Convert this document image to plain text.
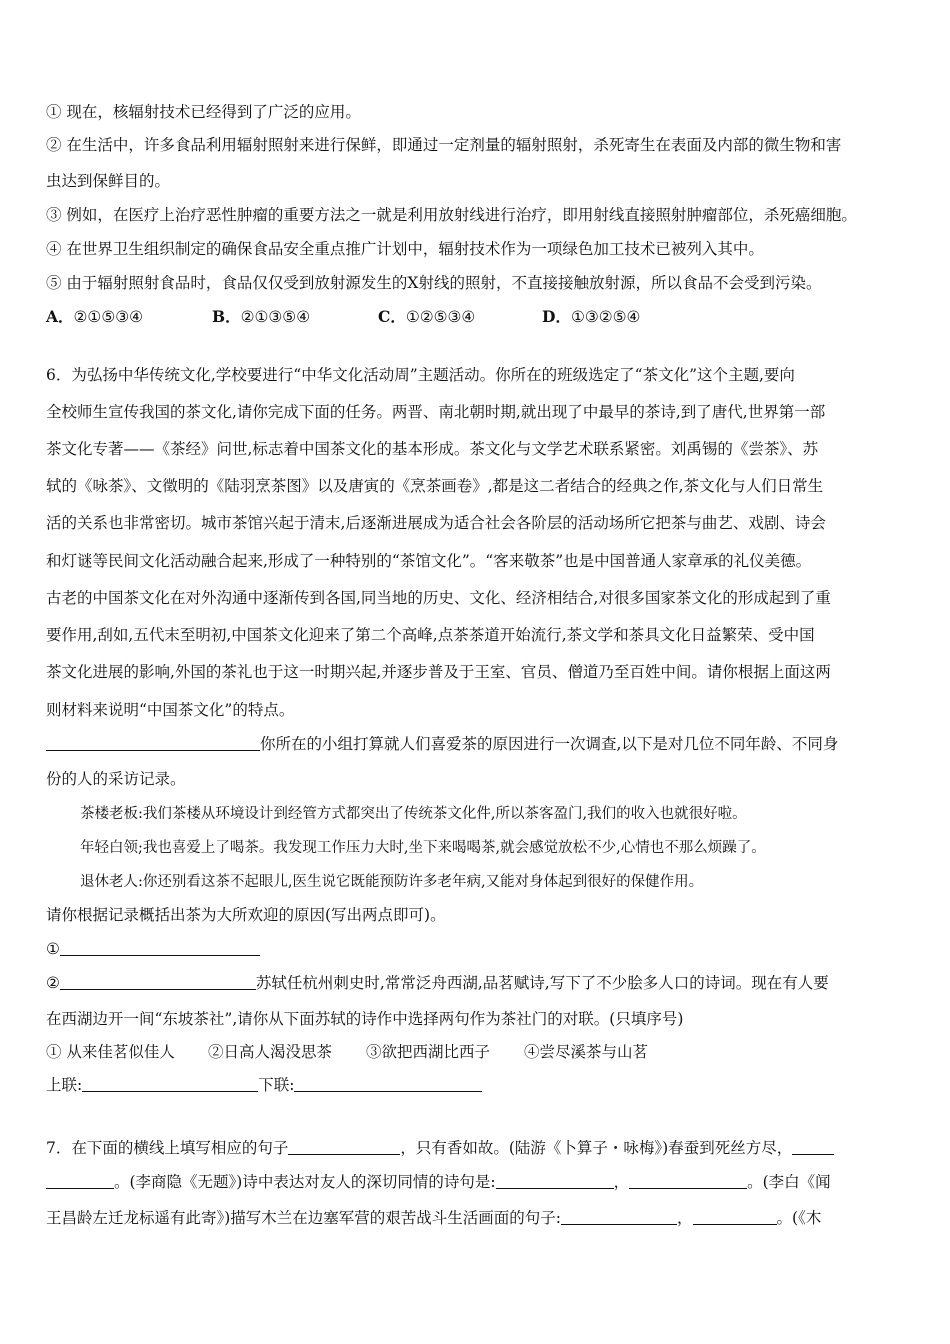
① 现在，核辐射技术已经得到了广泛的应用。
② 在生活中，许多食品利用辐射照射来进行保鲜，即通过一定剂量的辐射照射，杀死寄生在表面及内部的微生物和害
虫达到保鲜目的。
③ 例如，在医疗上治疗恶性肿瘤的重要方法之一就是利用放射线进行治疗，即用射线直接照射肿瘤部位，杀死癌细胞。
④ 在世界卫生组织制定的确保食品安全重点推广计划中，辐射技术作为一项绿色加工技术已被列入其中。
⑤ 由于辐射照射食品时，食品仅仅受到放射源发生的X射线的照射，不直接接触放射源，所以食品不会受到污染。
A．②①⑤③④	B．②①③⑤④	C．①②⑤③④	D．①③②⑤④
6．为弘扬中华传统文化,学校要进行“中华文化活动周”主题活动。你所在的班级选定了“茶文化”这个主题,要向
全校师生宣传我国的茶文化,请你完成下面的任务。两晋、南北朝时期,就出现了中最早的茶诗,到了唐代,世界第一部
茶文化专著——《茶经》问世,标志着中国茶文化的基本形成。茶文化与文学艺术联系紧密。刘禹锡的《尝茶》、苏
轼的《咏茶》、文徵明的《陆羽烹茶图》以及唐寅的《烹茶画卷》,都是这二者结合的经典之作,茶文化与人们日常生
活的关系也非常密切。城市茶馆兴起于清末,后逐渐进展成为适合社会各阶层的活动场所它把茶与曲艺、戏剧、诗会
和灯谜等民间文化活动融合起来,形成了一种特别的“茶馆文化”。“客来敬茶”也是中国普通人家章承的礼仪美德。
古老的中国茶文化在对外沟通中逐渐传到各国,同当地的历史、文化、经济相结合,对很多国家茶文化的形成起到了重
要作用,刮如,五代末至明初,中国茶文化迎来了第二个高峰,点茶茶道开始流行,茶文学和茶具文化日益繁荣、受中国
茶文化进展的影响,外国的茶礼也于这一时期兴起,并逐步普及于王室、官员、僧道乃至百姓中间。请你根据上面这两
则材料来说明“中国茶文化”的特点。
你所在的小组打算就人们喜爱茶的原因进行一次调查,以下是对几位不同年龄、不同身
份的人的采访记录。
茶楼老板:我们茶楼从环境设计到经管方式都突出了传统茶文化件,所以茶客盈门,我们的收入也就很好啦。
年轻白领;我也喜爱上了喝茶。我发现工作压力大时,坐下来喝喝茶,就会感觉放松不少,心情也不那么烦躁了。
退休老人:你还别看这茶不起眼儿,医生说它既能预防许多老年病,又能对身体起到很好的保健作用。
请你根据记录概括出茶为大所欢迎的原因(写出两点即可)。
①
②	苏轼任杭州刺史时,常常泛舟西湖,品茗赋诗,写下了不少脍多人口的诗词。现在有人要
在西湖边开一间“东坡茶社”,请你从下面苏轼的诗作中选择两句作为茶社门的对联。(只填序号)
① 从来佳茗似佳人 ②日高人渴没思茶 ③欲把西湖比西子 ④尝尽溪茶与山茗
上联:	下联:
7．在下面的横线上填写相应的句子	，只有香如故。(陆游《卜算子・咏梅》)春蚕到死丝方尽，
。(李商隐《无题》)诗中表达对友人的深切同情的诗句是:	，	。(李白《闻
王昌龄左迁龙标遥有此寄》)描写木兰在边塞军营的艰苦战斗生活画面的句子:	，	。(《木
